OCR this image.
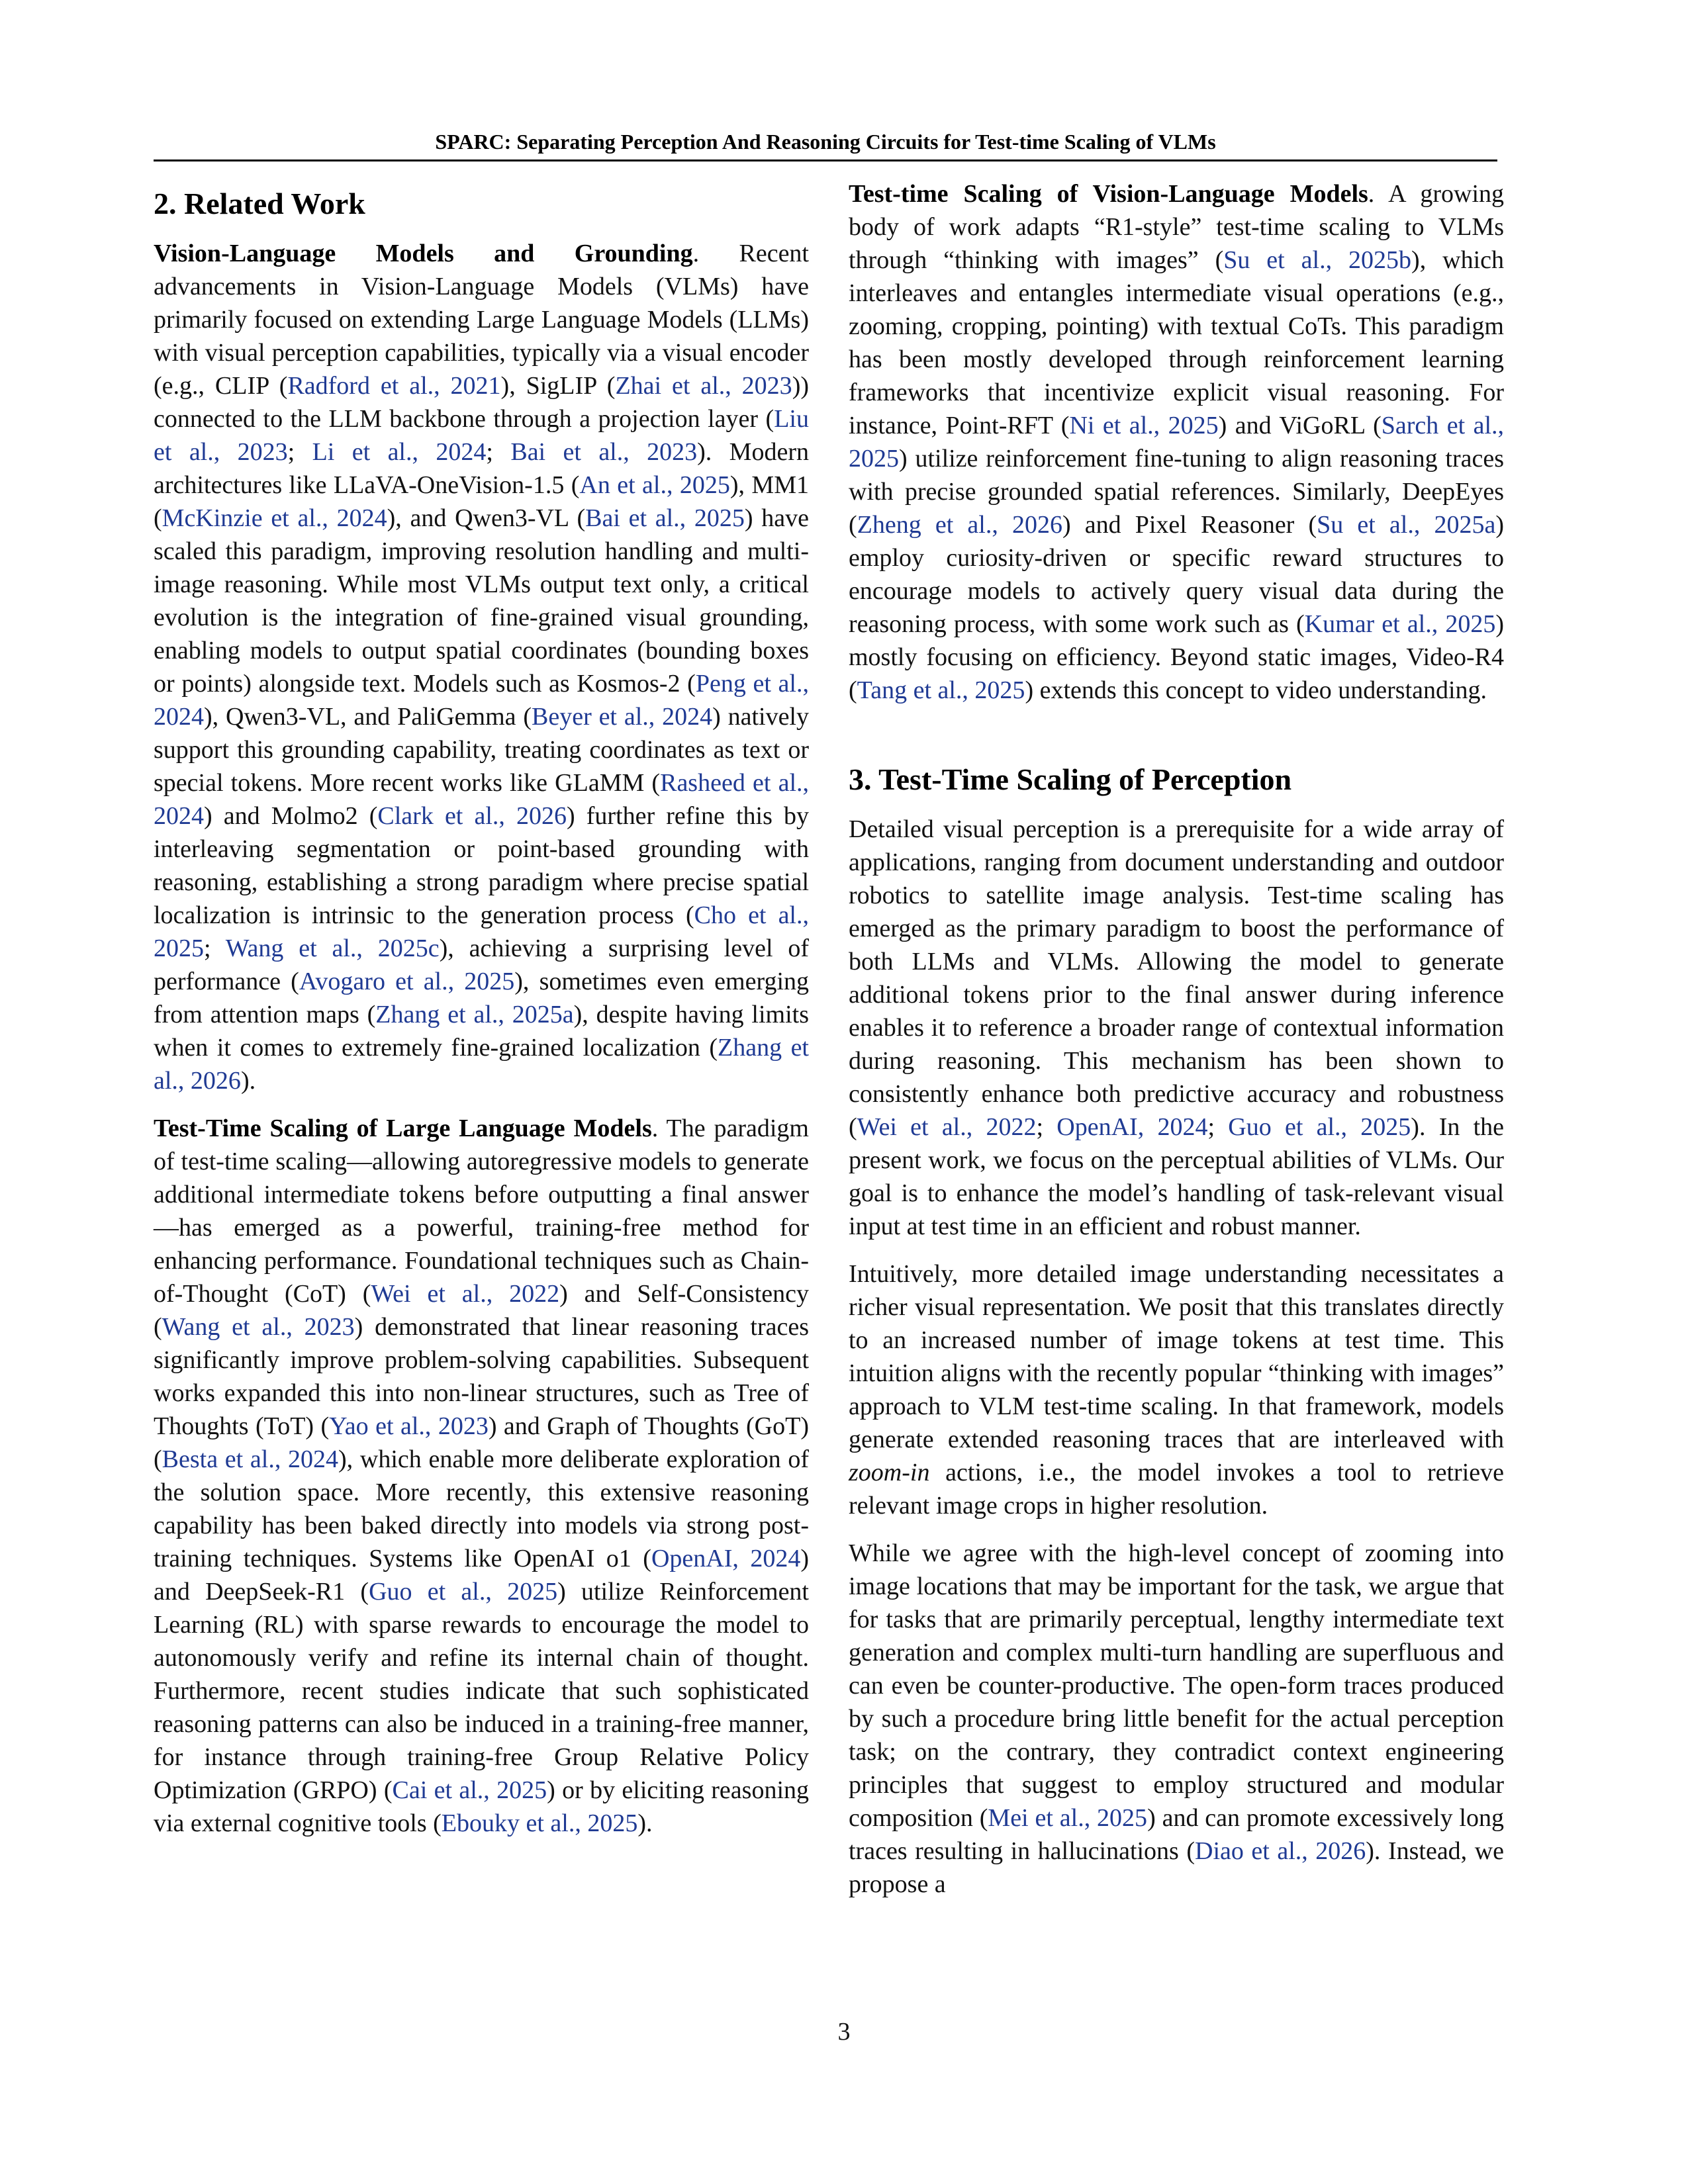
SPARC: Separating Perception And Reasoning Circuits for Test-time Scaling of VLMs
2. Related Work

Vision-Language Models and Grounding. Recent advancements in Vision-Language Models (VLMs) have primarily focused on extending Large Language Models (LLMs) with visual perception capabilities, typically via a visual encoder (e.g., CLIP (Radford et al., 2021), SigLIP (Zhai et al., 2023)) connected to the LLM backbone through a projection layer (Liu et al., 2023; Li et al., 2024; Bai et al., 2023). Modern architectures like LLaVA-OneVision-1.5 (An et al., 2025), MM1 (McKinzie et al., 2024), and Qwen3-VL (Bai et al., 2025) have scaled this paradigm, improving resolution handling and multi-image reasoning. While most VLMs output text only, a critical evolution is the integration of fine-grained visual grounding, enabling models to output spatial coordinates (bounding boxes or points) alongside text. Models such as Kosmos-2 (Peng et al., 2024), Qwen3-VL, and PaliGemma (Beyer et al., 2024) natively support this grounding capability, treating coordinates as text or special tokens. More recent works like GLaMM (Rasheed et al., 2024) and Molmo2 (Clark et al., 2026) further refine this by interleaving segmentation or point-based grounding with reasoning, establishing a strong paradigm where precise spatial localization is intrinsic to the generation process (Cho et al., 2025; Wang et al., 2025c), achieving a surprising level of performance (Avogaro et al., 2025), sometimes even emerging from attention maps (Zhang et al., 2025a), despite having limits when it comes to extremely fine-grained localization (Zhang et al., 2026).

Test-Time Scaling of Large Language Models. The paradigm of test-time scaling—allowing autoregressive models to generate additional intermediate tokens before outputting a final answer—has emerged as a powerful, training-free method for enhancing performance. Foundational techniques such as Chain-of-Thought (CoT) (Wei et al., 2022) and Self-Consistency (Wang et al., 2023) demonstrated that linear reasoning traces significantly improve problem-solving capabilities. Subsequent works expanded this into non-linear structures, such as Tree of Thoughts (ToT) (Yao et al., 2023) and Graph of Thoughts (GoT) (Besta et al., 2024), which enable more deliberate exploration of the solution space. More recently, this extensive reasoning capability has been baked directly into models via strong post-training techniques. Systems like OpenAI o1 (OpenAI, 2024) and DeepSeek-R1 (Guo et al., 2025) utilize Reinforcement Learning (RL) with sparse rewards to encourage the model to autonomously verify and refine its internal chain of thought. Furthermore, recent studies indicate that such sophisticated reasoning patterns can also be induced in a training-free manner, for instance through training-free Group Relative Policy Optimization (GRPO) (Cai et al., 2025) or by eliciting reasoning via external cognitive tools (Ebouky et al., 2025).

Test-time Scaling of Vision-Language Models. A growing body of work adapts “R1-style” test-time scaling to VLMs through “thinking with images” (Su et al., 2025b), which interleaves and entangles intermediate visual operations (e.g., zooming, cropping, pointing) with textual CoTs. This paradigm has been mostly developed through reinforcement learning frameworks that incentivize explicit visual reasoning. For instance, Point-RFT (Ni et al., 2025) and ViGoRL (Sarch et al., 2025) utilize reinforcement fine-tuning to align reasoning traces with precise grounded spatial references. Similarly, DeepEyes (Zheng et al., 2026) and Pixel Reasoner (Su et al., 2025a) employ curiosity-driven or specific reward structures to encourage models to actively query visual data during the reasoning process, with some work such as (Kumar et al., 2025) mostly focusing on efficiency. Beyond static images, Video-R4 (Tang et al., 2025) extends this concept to video understanding.

3. Test-Time Scaling of Perception

Detailed visual perception is a prerequisite for a wide array of applications, ranging from document understanding and outdoor robotics to satellite image analysis. Test-time scaling has emerged as the primary paradigm to boost the performance of both LLMs and VLMs. Allowing the model to generate additional tokens prior to the final answer during inference enables it to reference a broader range of contextual information during reasoning. This mechanism has been shown to consistently enhance both predictive accuracy and robustness (Wei et al., 2022; OpenAI, 2024; Guo et al., 2025). In the present work, we focus on the perceptual abilities of VLMs. Our goal is to enhance the model’s handling of task-relevant visual input at test time in an efficient and robust manner.

Intuitively, more detailed image understanding necessitates a richer visual representation. We posit that this translates directly to an increased number of image tokens at test time. This intuition aligns with the recently popular “thinking with images” approach to VLM test-time scaling. In that framework, models generate extended reasoning traces that are interleaved with zoom-in actions, i.e., the model invokes a tool to retrieve relevant image crops in higher resolution.

While we agree with the high-level concept of zooming into image locations that may be important for the task, we argue that for tasks that are primarily perceptual, lengthy intermediate text generation and complex multi-turn handling are superfluous and can even be counter-productive. The open-form traces produced by such a procedure bring little benefit for the actual perception task; on the contrary, they contradict context engineering principles that suggest to employ structured and modular composition (Mei et al., 2025) and can promote excessively long traces resulting in hallucinations (Diao et al., 2026). Instead, we propose a

3
